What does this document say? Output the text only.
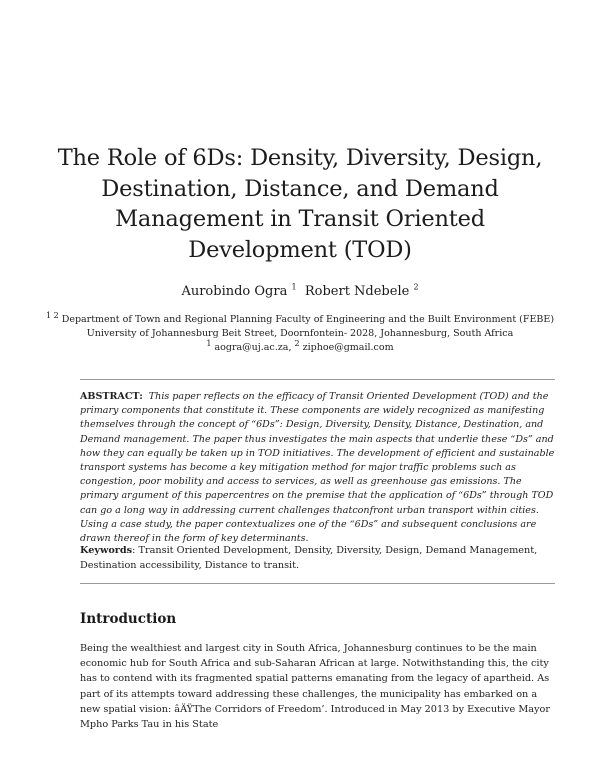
The Role of 6Ds: Density, Diversity, Design,
Destination, Distance, and Demand
Management in Transit Oriented
Development (TOD)
Aurobindo Ogra $^1$ Robert Ndebele $^2$
$^{1 2}$ Department of Town and Regional Planning Faculty of Engineering and the Built Environment (FEBE)
University of Johannesburg Beit Street, Doornfontein- 2028, Johannesburg, South Africa
$^1$ aogra@uj.ac.za, $^2$ ziphoe@gmail.com
ABSTRACT: This paper reflects on the efficacy of Transit Oriented Development (TOD) and the primary components that constitute it. These components are widely recognized as manifesting themselves through the concept of “6Ds”: Design, Diversity, Density, Distance, Destination, and Demand management. The paper thus investigates the main aspects that underlie these “Ds” and how they can equally be taken up in TOD initiatives. The development of efficient and sustainable transport systems has become a key mitigation method for major traffic problems such as congestion, poor mobility and access to services, as well as greenhouse gas emissions. The primary argument of this papercentres on the premise that the application of “6Ds” through TOD can go a long way in addressing current challenges thatconfront urban transport within cities. Using a case study, the paper contextualizes one of the “6Ds” and subsequent conclusions are drawn thereof in the form of key determinants.
Keywords: Transit Oriented Development, Density, Diversity, Design, Demand Management, Destination accessibility, Distance to transit.
Introduction
Being the wealthiest and largest city in South Africa, Johannesburg continues to be the main economic hub for South Africa and sub-Saharan African at large. Notwithstanding this, the city has to contend with its fragmented spatial patterns emanating from the legacy of apartheid. As part of its attempts toward addressing these challenges, the municipality has embarked on a new spatial vision: âÄŸThe Corridors of Freedom’. Introduced in May 2013 by Executive Mayor Mpho Parks Tau in his State
